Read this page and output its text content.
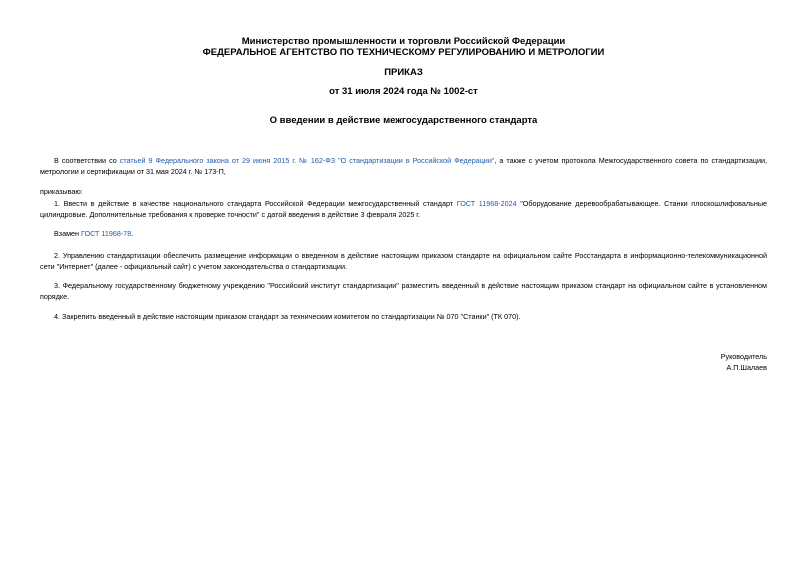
Министерство промышленности и торговли Российской Федерации
ФЕДЕРАЛЬНОЕ АГЕНТСТВО ПО ТЕХНИЧЕСКОМУ РЕГУЛИРОВАНИЮ И МЕТРОЛОГИИ
ПРИКАЗ
от 31 июля 2024 года № 1002-ст
О введении в действие межгосударственного стандарта
В соответствии со статьей 9 Федерального закона от 29 июня 2015 г. № 162-ФЗ "О стандартизации в Российской Федерации", а также с учетом протокола Межгосударственного совета по стандартизации, метрологии и сертификации от 31 мая 2024 г. № 173-П,
приказываю:
1. Ввести в действие в качестве национального стандарта Российской Федерации межгосударственный стандарт ГОСТ 11968-2024 "Оборудование деревообрабатывающее. Станки плоскошлифовальные цилиндровые. Дополнительные требования к проверке точности" с датой введения в действие 3 февраля 2025 г.
Взамен ГОСТ 11968-78.
2. Управлению стандартизации обеспечить размещение информации о введенном в действие настоящим приказом стандарте на официальном сайте Росстандарта в информационно-телекоммуникационной сети "Интернет" (далее - официальный сайт) с учетом законодательства о стандартизации.
3. Федеральному государственному бюджетному учреждению "Российский институт стандартизации" разместить введенный в действие настоящим приказом стандарт на официальном сайте в установленном порядке.
4. Закрепить введенный в действие настоящим приказом стандарт за техническим комитетом по стандартизации № 070 "Станки" (ТК 070).
Руководитель
А.П.Шалаев
